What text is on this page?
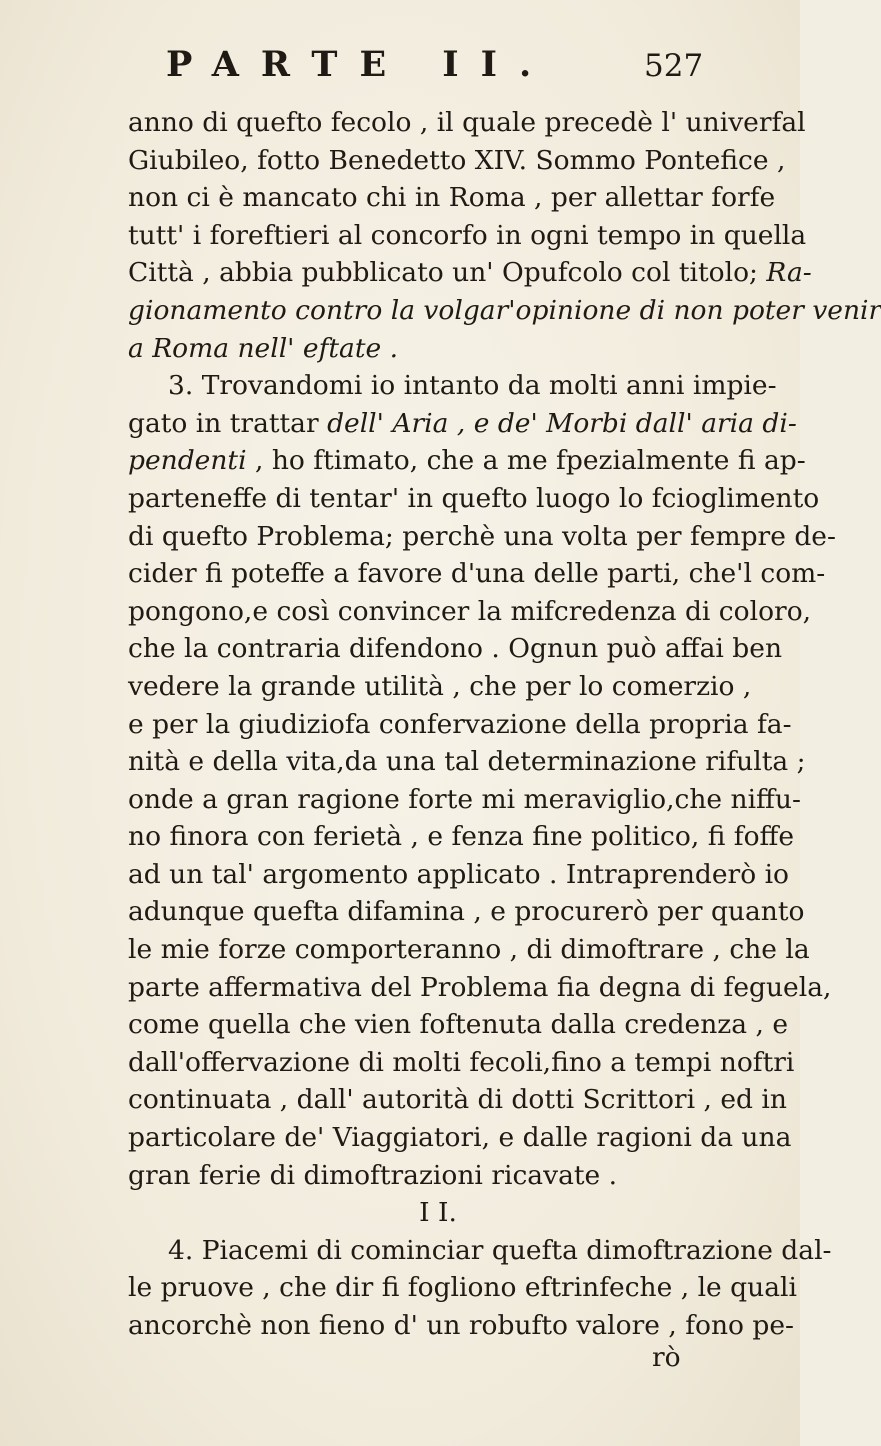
PARTE II.	527
anno di quefto fecolo , il quale precedè l' univerfal
Giubileo, fotto Benedetto XIV. Sommo Pontefice ,
non ci è mancato chi in Roma , per allettar forfe
tutt' i foreftieri al concorfo in ogni tempo in quella
Città , abbia pubblicato un' Opufcolo col titolo; Ra-
gionamento contro la volgar'opinione di non poter venir
a Roma nell' eftate .
3. Trovandomi io intanto da molti anni impie-
gato in trattar dell' Aria , e de' Morbi dall' aria di-
pendenti , ho ftimato, che a me fpezialmente fi ap-
parteneffe di tentar' in quefto luogo lo fcioglimento
di quefto Problema; perchè una volta per fempre de-
cider fi poteffe a favore d'una delle parti, che'l com-
pongono,e così convincer la mifcredenza di coloro,
che la contraria difendono . Ognun può affai ben
vedere la grande utilità , che per lo comerzio ,
e per la giudiziofa confervazione della propria fa-
nità e della vita,da una tal determinazione rifulta ;
onde a gran ragione forte mi meraviglio,che niffu-
no finora con ferietà , e fenza fine politico, fi foffe
ad un tal' argomento applicato . Intraprenderò io
adunque quefta difamina , e procurerò per quanto
le mie forze comporteranno , di dimoftrare , che la
parte affermativa del Problema fia degna di feguela,
come quella che vien foftenuta dalla credenza , e
dall'offervazione di molti fecoli,fino a tempi noftri
continuata , dall' autorità di dotti Scrittori , ed in
particolare de' Viaggiatori, e dalle ragioni da una
gran ferie di dimoftrazioni ricavate .
I I.
4. Piacemi di cominciar quefta dimoftrazione dal-
le pruove , che dir fi fogliono eftrinfeche , le quali
ancorchè non fieno d' un robufto valore , fono pe-
rò
